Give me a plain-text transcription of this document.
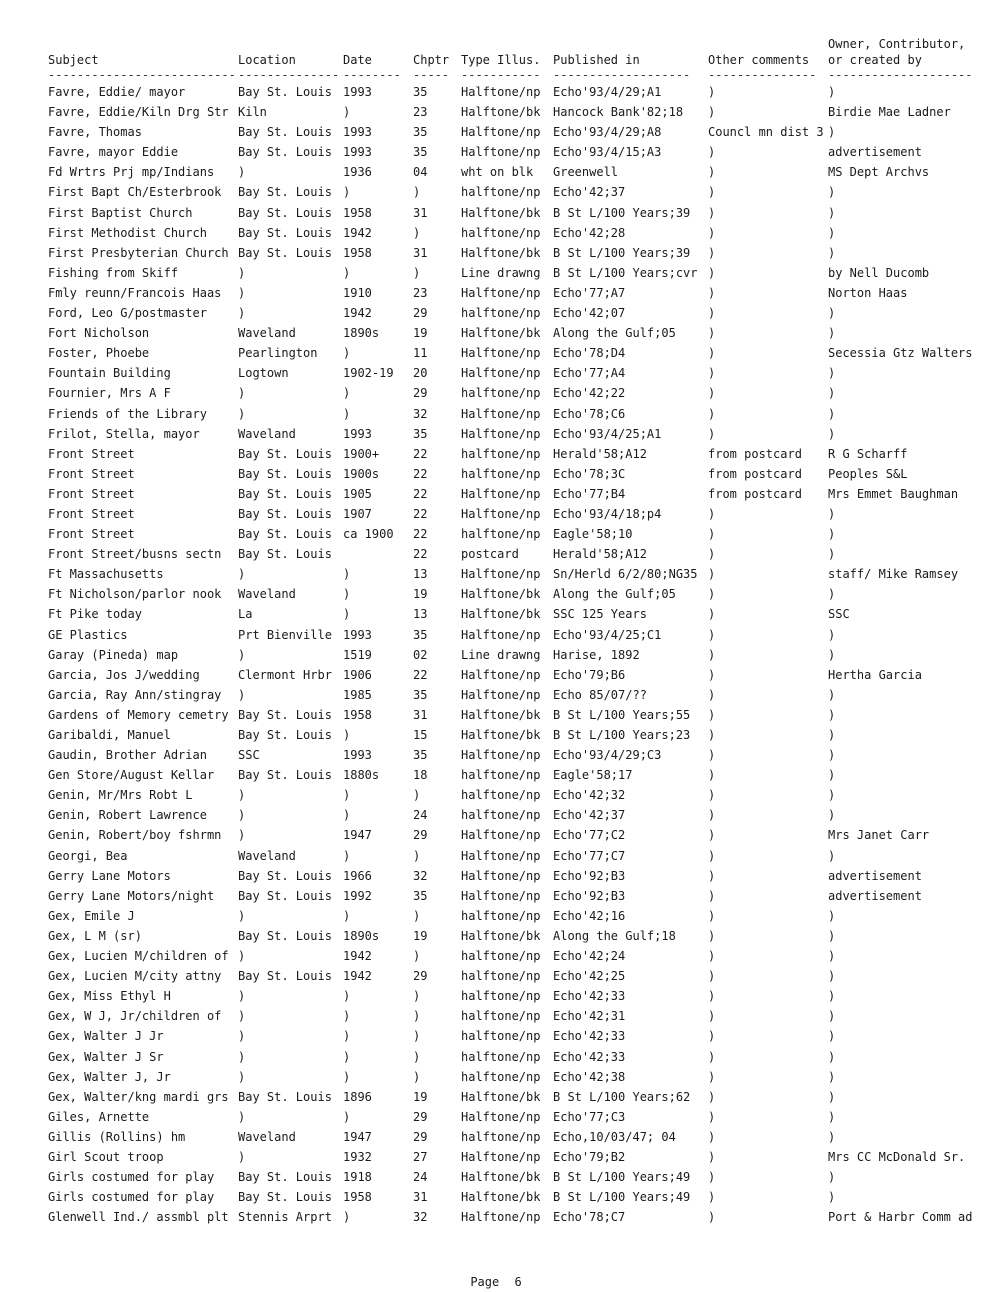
Subject	Location	Date	Chptr	Type Illus.	Published in	Other comments	Owner, Contributor,
or created by
--------------------------	--------------	--------	-----	-----------	-------------------	---------------	--------------------
Favre, Eddie/ mayor	Bay St. Louis	1993	35	Halftone/np	Echo'93/4/29;A1	)	)
Favre, Eddie/Kiln Drg Str	Kiln	)	23	Halftone/bk	Hancock Bank'82;18	)	Birdie Mae Ladner
Favre, Thomas	Bay St. Louis	1993	35	Halftone/np	Echo'93/4/29;A8	Councl mn dist 3	)
Favre, mayor Eddie	Bay St. Louis	1993	35	Halftone/np	Echo'93/4/15;A3	)	advertisement
Fd Wrtrs Prj mp/Indians	)	1936	04	wht on blk	Greenwell	)	MS Dept Archvs
First Bapt Ch/Esterbrook	Bay St. Louis	)	)	halftone/np	Echo'42;37	)	)
First Baptist Church	Bay St. Louis	1958	31	Halftone/bk	B St L/100 Years;39	)	)
First Methodist Church	Bay St. Louis	1942	)	halftone/np	Echo'42;28	)	)
First Presbyterian Church	Bay St. Louis	1958	31	Halftone/bk	B St L/100 Years;39	)	)
Fishing from Skiff	)	)	)	Line drawng	B St L/100 Years;cvr	)	by Nell Ducomb
Fmly reunn/Francois Haas	)	1910	23	Halftone/np	Echo'77;A7	)	Norton Haas
Ford, Leo G/postmaster	)	1942	29	halftone/np	Echo'42;07	)	)
Fort Nicholson	Waveland	1890s	19	Halftone/bk	Along the Gulf;05	)	)
Foster, Phoebe	Pearlington	)	11	Halftone/np	Echo'78;D4	)	Secessia Gtz Walters
Fountain Building	Logtown	1902-19	20	Halftone/np	Echo'77;A4	)	)
Fournier, Mrs A F	)	)	29	halftone/np	Echo'42;22	)	)
Friends of the Library	)	)	32	Halftone/np	Echo'78;C6	)	)
Frilot, Stella, mayor	Waveland	1993	35	Halftone/np	Echo'93/4/25;A1	)	)
Front Street	Bay St. Louis	1900+	22	halftone/np	Herald'58;A12	from postcard	R G Scharff
Front Street	Bay St. Louis	1900s	22	halftone/np	Echo'78;3C	from postcard	Peoples S&L
Front Street	Bay St. Louis	1905	22	Halftone/np	Echo'77;B4	from postcard	Mrs Emmet Baughman
Front Street	Bay St. Louis	1907	22	Halftone/np	Echo'93/4/18;p4	)	)
Front Street	Bay St. Louis	ca 1900	22	halftone/np	Eagle'58;10	)	)
Front Street/busns sectn	Bay St. Louis		22	postcard	Herald'58;A12	)	)
Ft Massachusetts	)	)	13	Halftone/np	Sn/Herld 6/2/80;NG35	)	staff/ Mike Ramsey
Ft Nicholson/parlor nook	Waveland	)	19	Halftone/bk	Along the Gulf;05	)	)
Ft Pike today	La	)	13	Halftone/bk	SSC 125 Years	)	SSC
GE Plastics	Prt Bienville	1993	35	Halftone/np	Echo'93/4/25;C1	)	)
Garay (Pineda) map	)	1519	02	Line drawng	Harise, 1892	)	)
Garcia, Jos J/wedding	Clermont Hrbr	1906	22	Halftone/np	Echo'79;B6	)	Hertha Garcia
Garcia, Ray Ann/stingray	)	1985	35	Halftone/np	Echo 85/07/??	)	)
Gardens of Memory cemetry	Bay St. Louis	1958	31	Halftone/bk	B St L/100 Years;55	)	)
Garibaldi, Manuel	Bay St. Louis	)	15	Halftone/bk	B St L/100 Years;23	)	)
Gaudin, Brother Adrian	SSC	1993	35	Halftone/np	Echo'93/4/29;C3	)	)
Gen Store/August Kellar	Bay St. Louis	1880s	18	halftone/np	Eagle'58;17	)	)
Genin, Mr/Mrs Robt L	)	)	)	halftone/np	Echo'42;32	)	)
Genin, Robert Lawrence	)	)	24	halftone/np	Echo'42;37	)	)
Genin, Robert/boy fshrmn	)	1947	29	Halftone/np	Echo'77;C2	)	Mrs Janet Carr
Georgi, Bea	Waveland	)	)	Halftone/np	Echo'77;C7	)	)
Gerry Lane Motors	Bay St. Louis	1966	32	Halftone/np	Echo'92;B3	)	advertisement
Gerry Lane Motors/night	Bay St. Louis	1992	35	Halftone/np	Echo'92;B3	)	advertisement
Gex, Emile J	)	)	)	halftone/np	Echo'42;16	)	)
Gex, L M (sr)	Bay St. Louis	1890s	19	Halftone/bk	Along the Gulf;18	)	)
Gex, Lucien M/children of	)	1942	)	halftone/np	Echo'42;24	)	)
Gex, Lucien M/city attny	Bay St. Louis	1942	29	halftone/np	Echo'42;25	)	)
Gex, Miss Ethyl H	)	)	)	halftone/np	Echo'42;33	)	)
Gex, W J, Jr/children of	)	)	)	halftone/np	Echo'42;31	)	)
Gex, Walter J Jr	)	)	)	halftone/np	Echo'42;33	)	)
Gex, Walter J Sr	)	)	)	halftone/np	Echo'42;33	)	)
Gex, Walter J, Jr	)	)	)	halftone/np	Echo'42;38	)	)
Gex, Walter/kng mardi grs	Bay St. Louis	1896	19	Halftone/bk	B St L/100 Years;62	)	)
Giles, Arnette	)	)	29	Halftone/np	Echo'77;C3	)	)
Gillis (Rollins) hm	Waveland	1947	29	halftone/np	Echo,10/03/47; 04	)	)
Girl Scout troop	)	1932	27	Halftone/np	Echo'79;B2	)	Mrs CC McDonald Sr.
Girls costumed for play	Bay St. Louis	1918	24	Halftone/bk	B St L/100 Years;49	)	)
Girls costumed for play	Bay St. Louis	1958	31	Halftone/bk	B St L/100 Years;49	)	)
Glenwell Ind./ assmbl plt	Stennis Arprt	)	32	Halftone/np	Echo'78;C7	)	Port & Harbr Comm ad
Page 6
